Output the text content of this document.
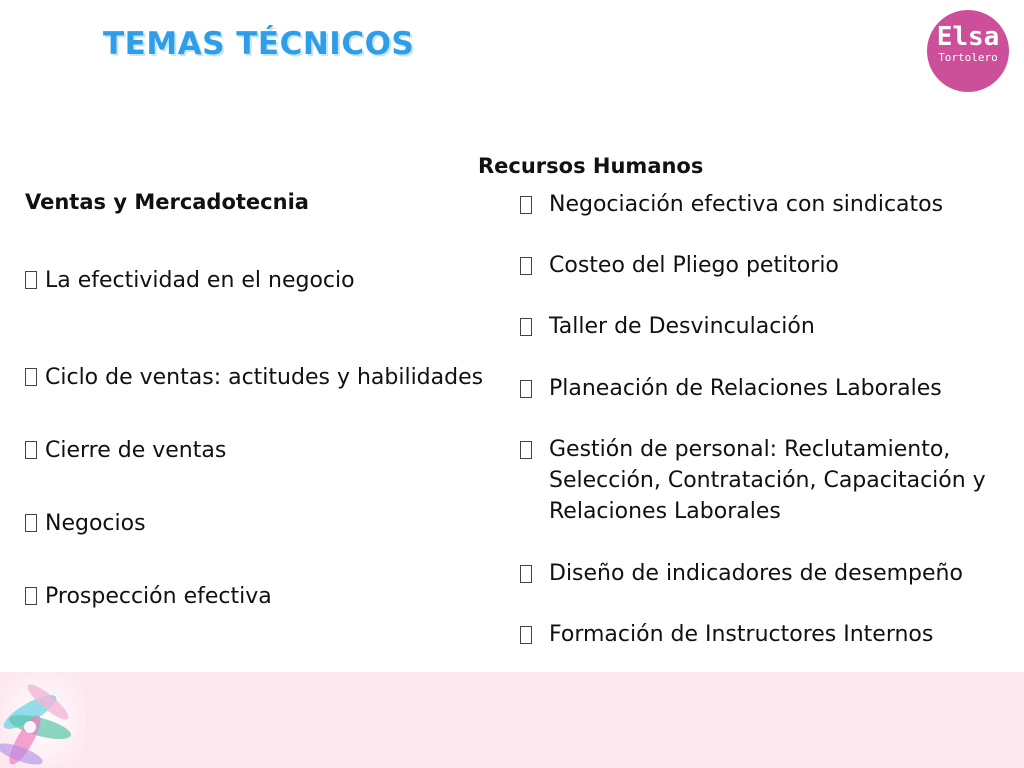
TEMAS TÉCNICOS	Elsa
Tortolero
Ventas y Mercadotecnia
La efectividad en el negocio
Ciclo de ventas: actitudes y habilidades
Cierre de ventas
Negocios
Prospección efectiva
Recursos Humanos
Negociación efectiva con sindicatos
Costeo del Pliego petitorio
Taller de Desvinculación
Planeación de Relaciones Laborales
Gestión de personal: Reclutamiento, Selección, Contratación, Capacitación y Relaciones Laborales
Diseño de indicadores de desempeño
Formación de Instructores Internos
